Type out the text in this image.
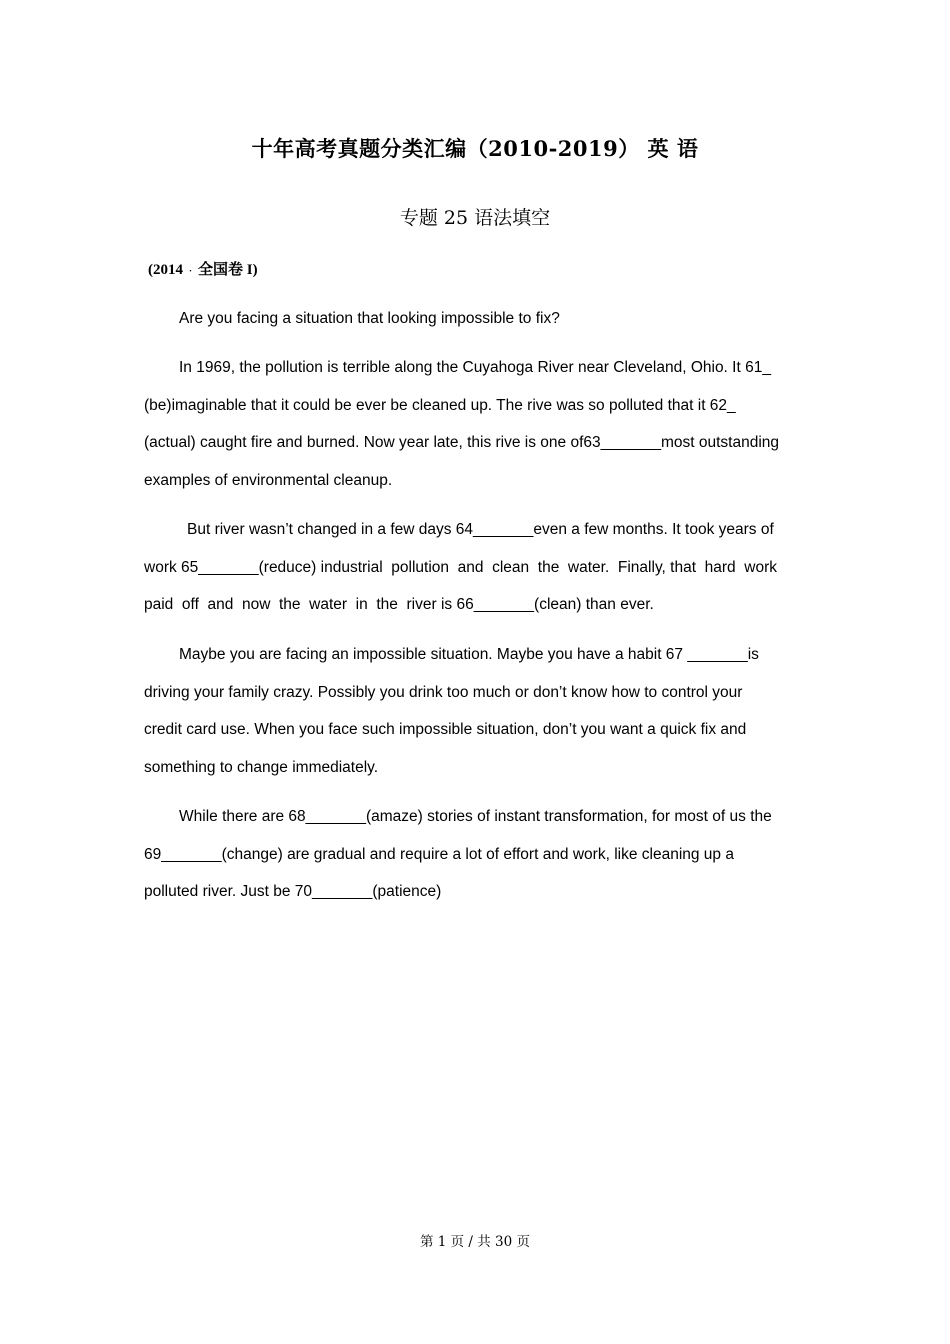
十年高考真题分类汇编（2010-2019） 英 语
专题 25 语法填空
(2014 · 全国卷 I)
Are you facing a situation that looking impossible to fix?
In 1969, the pollution is terrible along the Cuyahoga River near Cleveland, Ohio. It 61_
(be)imaginable that it could be ever be cleaned up. The rive was so polluted that it 62_
(actual) caught fire and burned. Now year late, this rive is one of63_______most outstanding
examples of environmental cleanup.
But river wasn’t changed in a few days 64_______even a few months. It took years of
work 65_______(reduce) industrial  pollution  and  clean  the  water.  Finally, that  hard  work
paid  off  and  now  the  water  in  the  river is 66_______(clean) than ever.
Maybe you are facing an impossible situation. Maybe you have a habit 67 _______is
driving your family crazy. Possibly you drink too much or don’t know how to control your
credit card use. When you face such impossible situation, don’t you want a quick fix and
something to change immediately.
While there are 68_______(amaze) stories of instant transformation, for most of us the
69_______(change) are gradual and require a lot of effort and work, like cleaning up a
polluted river. Just be 70_______(patience)
第 1 页 / 共 30 页
